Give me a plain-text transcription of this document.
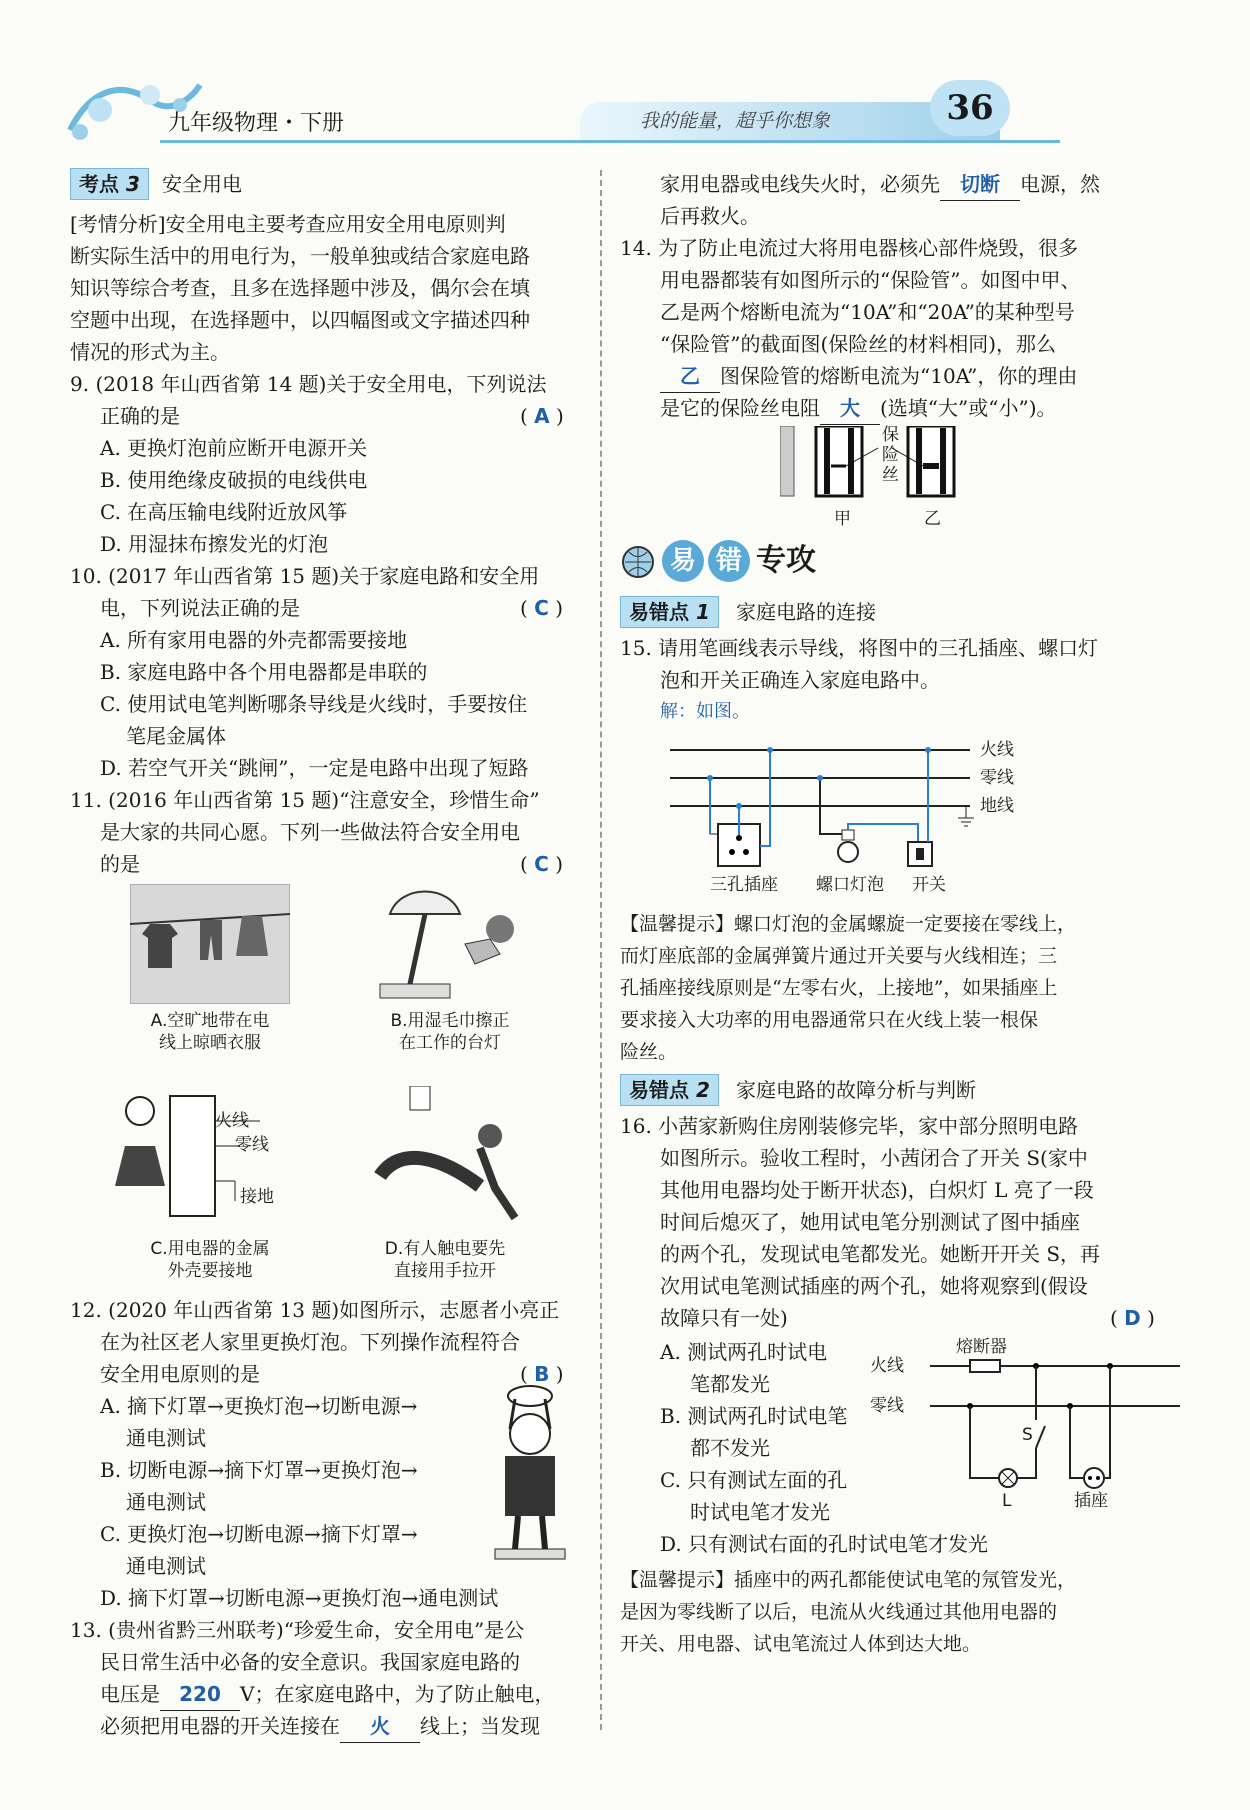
九年级物理・下册	我的能量，超乎你想象	36
考点 3 安全用电
[考情分析]安全用电主要考查应用安全用电原则判
断实际生活中的用电行为，一般单独或结合家庭电路
知识等综合考查，且多在选择题中涉及，偶尔会在填
空题中出现，在选择题中，以四幅图或文字描述四种
情况的形式为主。
9. (2018 年山西省第 14 题)关于安全用电，下列说法
正确的是	( A )
A. 更换灯泡前应断开电源开关
B. 使用绝缘皮破损的电线供电
C. 在高压输电线附近放风筝
D. 用湿抹布擦发光的灯泡
10. (2017 年山西省第 15 题)关于家庭电路和安全用
电，下列说法正确的是	( C )
A. 所有家用电器的外壳都需要接地
B. 家庭电路中各个用电器都是串联的
C. 使用试电笔判断哪条导线是火线时，手要按住
笔尾金属体
D. 若空气开关“跳闸”，一定是电路中出现了短路
11. (2016 年山西省第 15 题)“注意安全，珍惜生命”
是大家的共同心愿。下列一些做法符合安全用电
的是	( C )
A.空旷地带在电
线上晾晒衣服
B.用湿毛巾擦正
在工作的台灯
火线
零线
接地
C.用电器的金属
外壳要接地
D.有人触电要先
直接用手拉开
12. (2020 年山西省第 13 题)如图所示，志愿者小亮正
在为社区老人家里更换灯泡。下列操作流程符合
安全用电原则的是	( B )
A. 摘下灯罩→更换灯泡→切断电源→
通电测试
B. 切断电源→摘下灯罩→更换灯泡→
通电测试
C. 更换灯泡→切断电源→摘下灯罩→
通电测试
D. 摘下灯罩→切断电源→更换灯泡→通电测试
13. (贵州省黔三州联考)“珍爱生命，安全用电”是公
民日常生活中必备的安全意识。我国家庭电路的
电压是 220 V；在家庭电路中，为了防止触电，
必须把用电器的开关连接在 火 线上；当发现
家用电器或电线失火时，必须先 切断 电源，然
后再救火。
14. 为了防止电流过大将用电器核心部件烧毁，很多
用电器都装有如图所示的“保险管”。如图中甲、
乙是两个熔断电流为“10A”和“20A”的某种型号
“保险管”的截面图(保险丝的材料相同)，那么
乙 图保险管的熔断电流为“10A”，你的理由
是它的保险丝电阻 大 (选填“大”或“小”)。
保
险
丝
甲	乙
易 错 专攻
易错点 1 家庭电路的连接
15. 请用笔画线表示导线，将图中的三孔插座、螺口灯
泡和开关正确连入家庭电路中。
解：如图。
火线
零线
地线
三孔插座 螺口灯泡 开关
【温馨提示】螺口灯泡的金属螺旋一定要接在零线上，
而灯座底部的金属弹簧片通过开关要与火线相连；三
孔插座接线原则是“左零右火，上接地”，如果插座上
要求接入大功率的用电器通常只在火线上装一根保
险丝。
易错点 2 家庭电路的故障分析与判断
16. 小茜家新购住房刚装修完毕，家中部分照明电路
如图所示。验收工程时，小茜闭合了开关 S(家中
其他用电器均处于断开状态)，白炽灯 L 亮了一段
时间后熄灭了，她用试电笔分别测试了图中插座
的两个孔，发现试电笔都发光。她断开开关 S，再
次用试电笔测试插座的两个孔，她将观察到(假设
故障只有一处)	( D )
A. 测试两孔时试电
笔都发光
B. 测试两孔时试电笔
都不发光
C. 只有测试左面的孔
时试电笔才发光
D. 只有测试右面的孔时试电笔才发光
火线
零线
熔断器
S
L	插座
【温馨提示】插座中的两孔都能使试电笔的氖管发光，
是因为零线断了以后，电流从火线通过其他用电器的
开关、用电器、试电笔流过人体到达大地。
